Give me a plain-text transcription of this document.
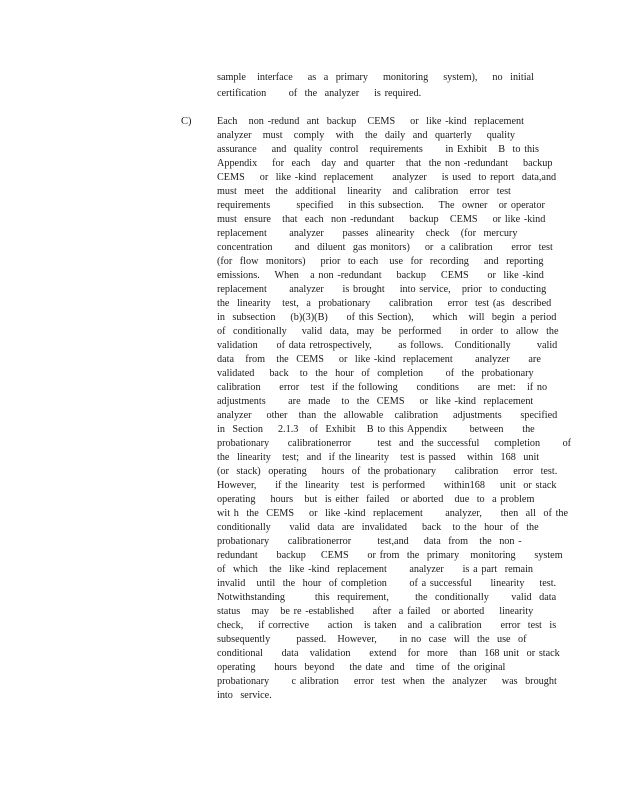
sample   interface    as  a  primary    monitoring    system),    no  initial
certification      of  the  analyzer    is required.
C)	Each   non -redund  ant  backup   CEMS    or  like -kind  replacement
analyzer   must   comply   with   the  daily  and  quarterly    quality
assurance    and  quality  control   requirements      in Exhibit   B  to this
Appendix    for  each   day  and  quarter   that  the non -redundant    backup
CEMS    or  like -kind  replacement     analyzer    is used  to report  data,and
must  meet   the  additional   linearity   and  calibration   error  test
requirements       specified    in this subsection.    The  owner   or operator
must  ensure   that  each  non -redundant    backup   CEMS    or like -kind
replacement      analyzer     passes  alinearity   check   (for  mercury
concentration      and  diluent  gas monitors)    or  a calibration     error  test
(for  flow  monitors)    prior  to each   use  for  recording    and  reporting
emissions.    When   a non -redundant    backup    CEMS     or  like -kind
replacement      analyzer     is brought    into service,   prior  to conducting
the  linearity   test,  a  probationary     calibration    error  test (as  described
in  subsection    (b)(3)(B)     of this Section),     which   will  begin  a period
of  conditionally    valid  data,  may  be  performed     in order  to  allow  the
validation     of data retrospectively,       as follows.   Conditionally       valid
data   from   the  CEMS    or  like -kind  replacement      analyzer     are
validated    back   to  the  hour  of  completion      of  the  probationary
calibration     error   test  if the following     conditions     are  met:   if no
adjustments      are  made   to  the  CEMS    or  like -kind  replacement
analyzer    other   than  the  allowable   calibration    adjustments     specified
in  Section    2.1.3   of  Exhibit   B to this Appendix      between     the
probationary     calibrationerror       test  and  the successful    completion      of
the  linearity   test;  and  if the linearity   test is passed   within  168  unit
(or  stack)  operating    hours  of  the probationary     calibration    error  test.
However,     if the  linearity   test  is performed     within168    unit  or stack
operating    hours   but  is either  failed   or aborted   due  to  a problem
wit h  the  CEMS    or  like -kind  replacement      analyzer,     then  all  of the
conditionally     valid  data  are  invalidated    back   to the  hour  of  the
probationary     calibrationerror       test,and    data  from   the  non -
redundant     backup    CEMS     or from  the  primary   monitoring     system
of  which   the  like -kind  replacement      analyzer     is a part  remain
invalid   until  the  hour  of completion      of a successful     linearity    test.
Notwithstanding        this  requirement,       the  conditionally      valid  data
status   may   be re -established     after  a failed   or aborted    linearity
check,    if corrective     action   is taken   and  a calibration     error  test  is
subsequently       passed.   However,      in no  case  will  the  use  of
conditional     data   validation     extend   for  more   than  168 unit  or stack
operating     hours  beyond    the date  and   time  of  the original
probationary      c alibration    error  test  when  the  analyzer    was  brought
into  service.
